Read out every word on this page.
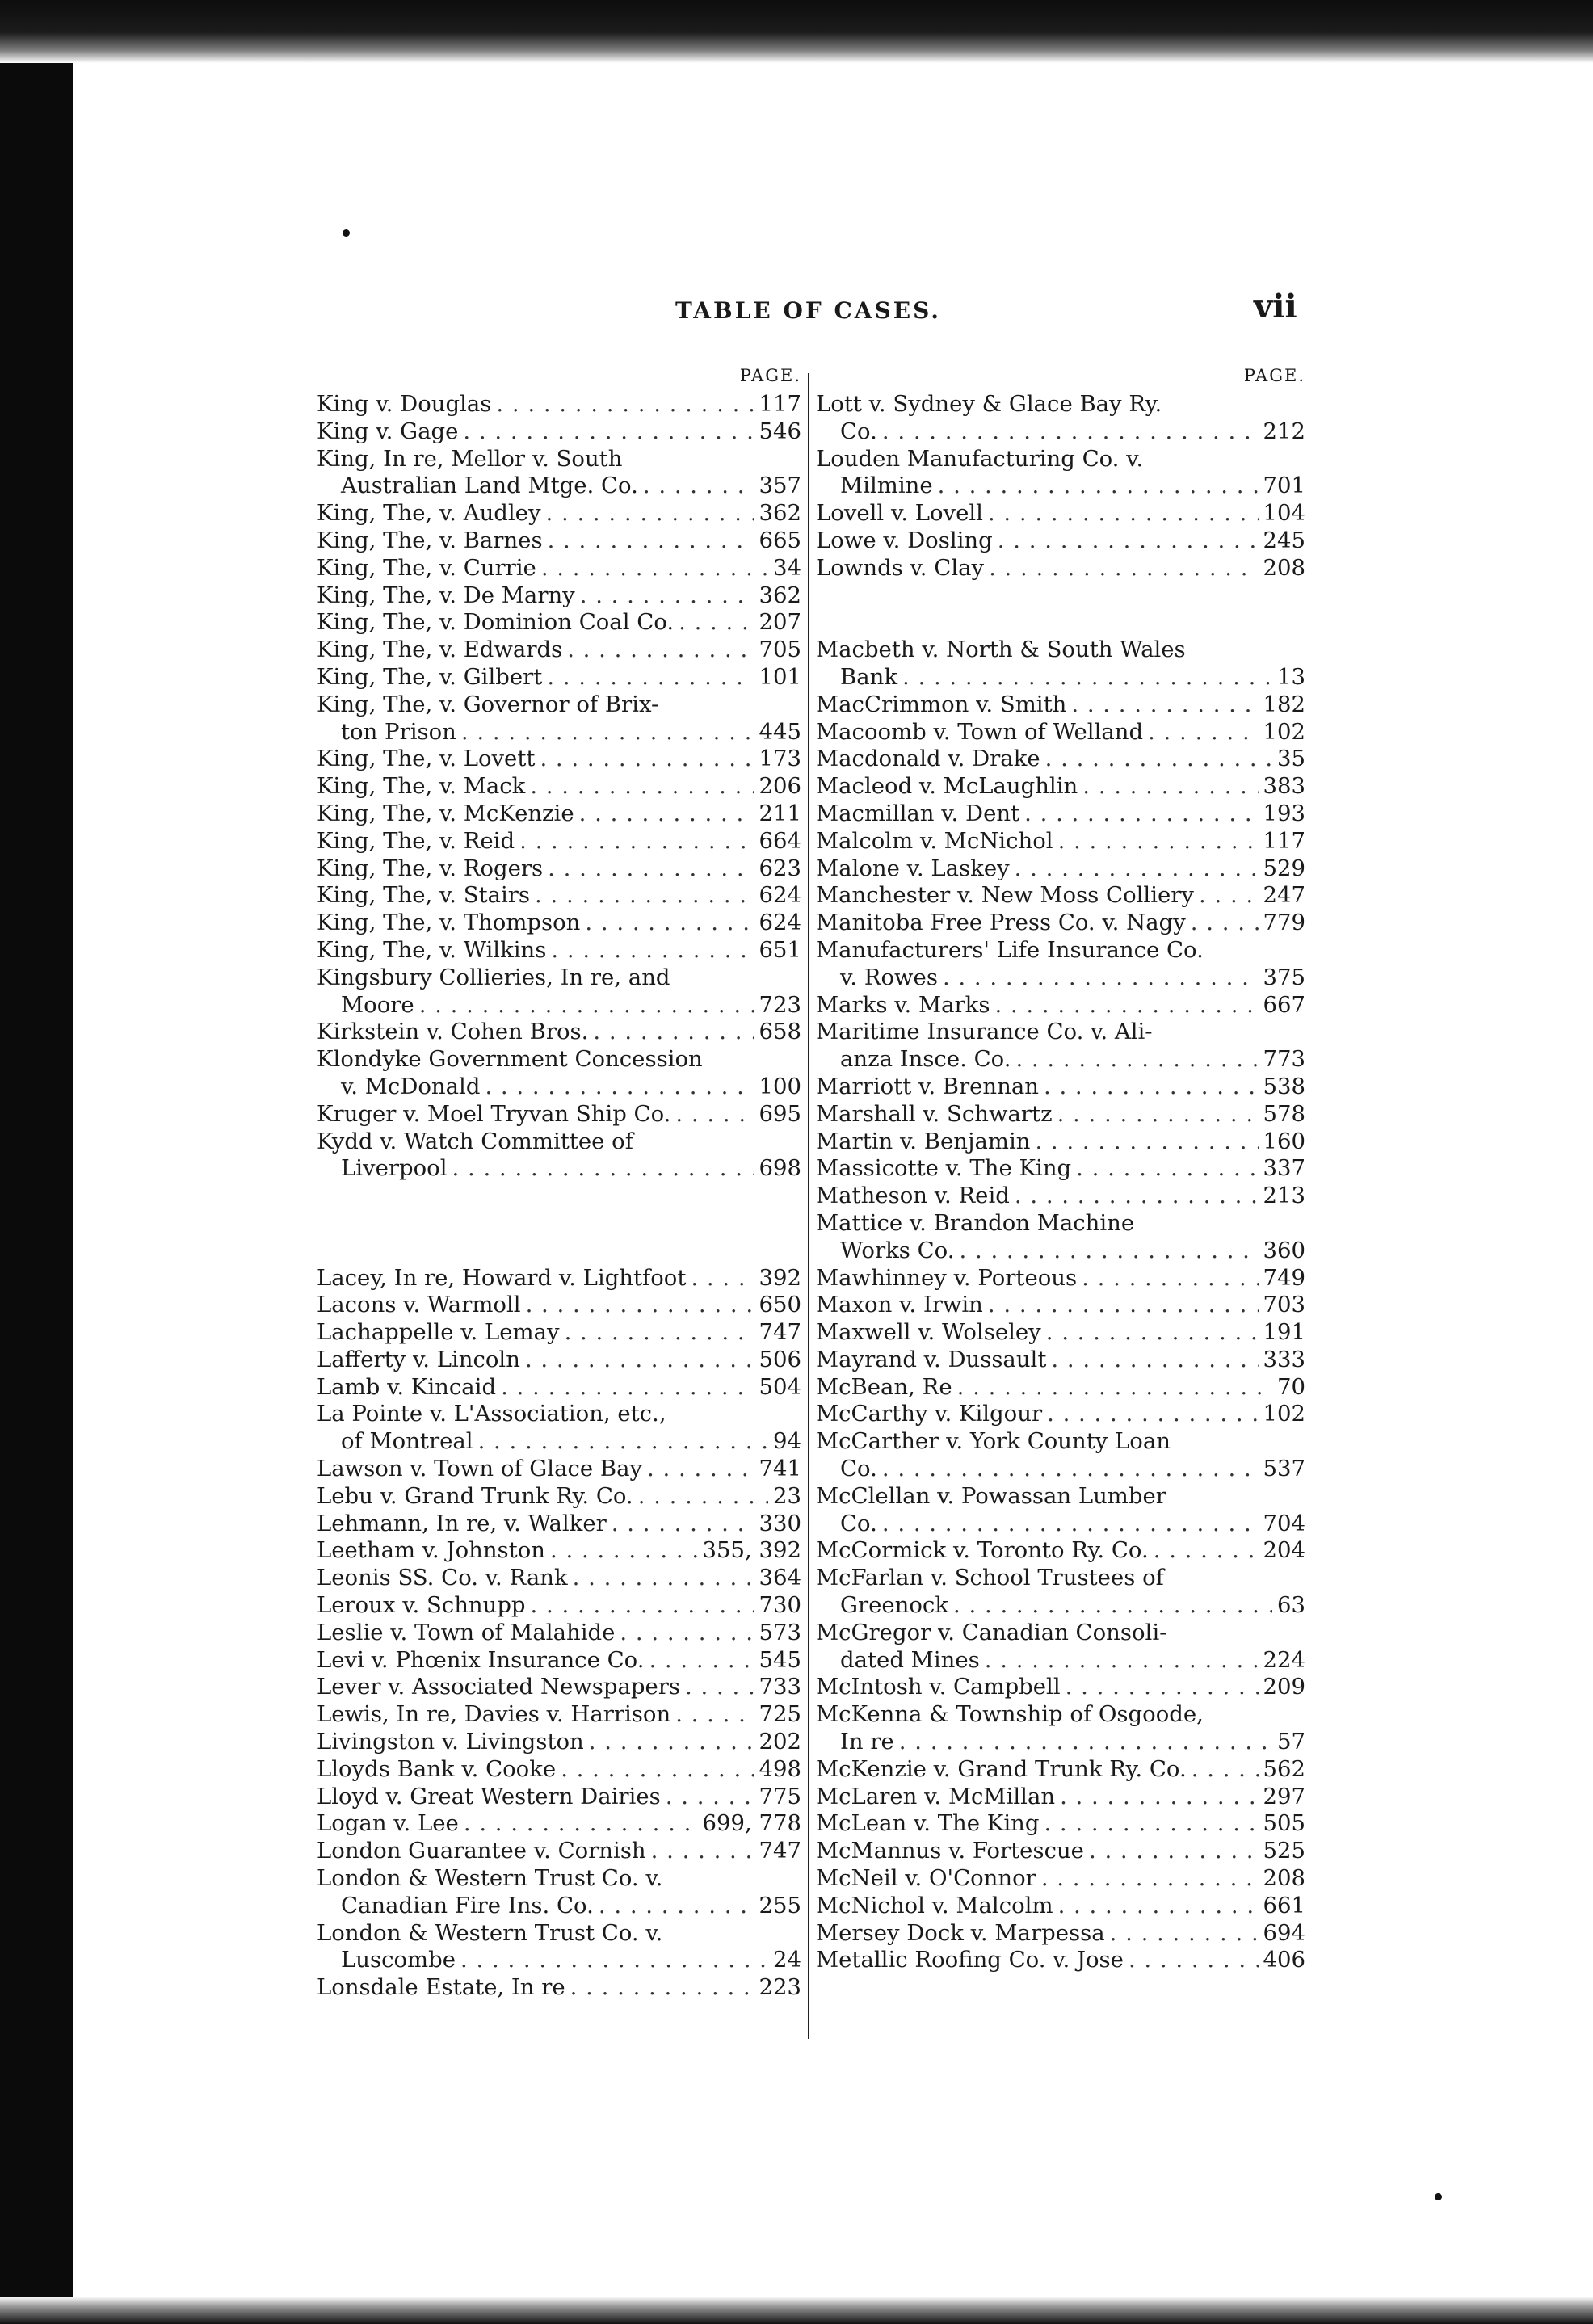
TABLE OF CASES.	vii
PAGE.
King v. Douglas . . .	117
King v. Gage . . .	546
King, In re, Mellor v. South
Australian Land Mtge. Co. . . .	357
King, The, v. Audley . . .	362
King, The, v. Barnes . . .	665
King, The, v. Currie . . .	34
King, The, v. De Marny . . .	362
King, The, v. Dominion Coal Co. . . .	207
King, The, v. Edwards . . .	705
King, The, v. Gilbert . . .	101
King, The, v. Governor of Brix-
ton Prison . . .	445
King, The, v. Lovett . . .	173
King, The, v. Mack . . .	206
King, The, v. McKenzie . . .	211
King, The, v. Reid . . .	664
King, The, v. Rogers . . .	623
King, The, v. Stairs . . .	624
King, The, v. Thompson . . .	624
King, The, v. Wilkins . . .	651
Kingsbury Collieries, In re, and
Moore . . .	723
Kirkstein v. Cohen Bros. . . .	658
Klondyke Government Concession
v. McDonald . . .	100
Kruger v. Moel Tryvan Ship Co. . . .	695
Kydd v. Watch Committee of
Liverpool . . .	698
Lacey, In re, Howard v. Lightfoot . . .	392
Lacons v. Warmoll . . .	650
Lachappelle v. Lemay . . .	747
Lafferty v. Lincoln . . .	506
Lamb v. Kincaid . . .	504
La Pointe v. L'Association, etc.,
of Montreal . . .	94
Lawson v. Town of Glace Bay . . .	741
Lebu v. Grand Trunk Ry. Co. . . .	23
Lehmann, In re, v. Walker . . .	330
Leetham v. Johnston . . .	355, 392
Leonis SS. Co. v. Rank . . .	364
Leroux v. Schnupp . . .	730
Leslie v. Town of Malahide . . .	573
Levi v. Phœnix Insurance Co. . . .	545
Lever v. Associated Newspapers . . .	733
Lewis, In re, Davies v. Harrison . . .	725
Livingston v. Livingston . . .	202
Lloyds Bank v. Cooke . . .	498
Lloyd v. Great Western Dairies . . .	775
Logan v. Lee . . .	699, 778
London Guarantee v. Cornish . . .	747
London & Western Trust Co. v.
Canadian Fire Ins. Co. . . .	255
London & Western Trust Co. v.
Luscombe . . .	24
Lonsdale Estate, In re . . .	223
PAGE.
Lott v. Sydney & Glace Bay Ry.
Co. . . .	212
Louden Manufacturing Co. v.
Milmine . . .	701
Lovell v. Lovell . . .	104
Lowe v. Dosling . . .	245
Lownds v. Clay . . .	208
Macbeth v. North & South Wales
Bank . . .	13
MacCrimmon v. Smith . . .	182
Macoomb v. Town of Welland . . .	102
Macdonald v. Drake . . .	35
Macleod v. McLaughlin . . .	383
Macmillan v. Dent . . .	193
Malcolm v. McNichol . . .	117
Malone v. Laskey . . .	529
Manchester v. New Moss Colliery . . .	247
Manitoba Free Press Co. v. Nagy . . .	779
Manufacturers' Life Insurance Co.
v. Rowes . . .	375
Marks v. Marks . . .	667
Maritime Insurance Co. v. Ali-
anza Insce. Co. . . .	773
Marriott v. Brennan . . .	538
Marshall v. Schwartz . . .	578
Martin v. Benjamin . . .	160
Massicotte v. The King . . .	337
Matheson v. Reid . . .	213
Mattice v. Brandon Machine
Works Co. . . .	360
Mawhinney v. Porteous . . .	749
Maxon v. Irwin . . .	703
Maxwell v. Wolseley . . .	191
Mayrand v. Dussault . . .	333
McBean, Re . . .	70
McCarthy v. Kilgour . . .	102
McCarther v. York County Loan
Co. . . .	537
McClellan v. Powassan Lumber
Co. . . .	704
McCormick v. Toronto Ry. Co. . . .	204
McFarlan v. School Trustees of
Greenock . . .	63
McGregor v. Canadian Consoli-
dated Mines . . .	224
McIntosh v. Campbell . . .	209
McKenna & Township of Osgoode,
In re . . .	57
McKenzie v. Grand Trunk Ry. Co. . . .	562
McLaren v. McMillan . . .	297
McLean v. The King . . .	505
McMannus v. Fortescue . . .	525
McNeil v. O'Connor . . .	208
McNichol v. Malcolm . . .	661
Mersey Dock v. Marpessa . . .	694
Metallic Roofing Co. v. Jose . . .	406
